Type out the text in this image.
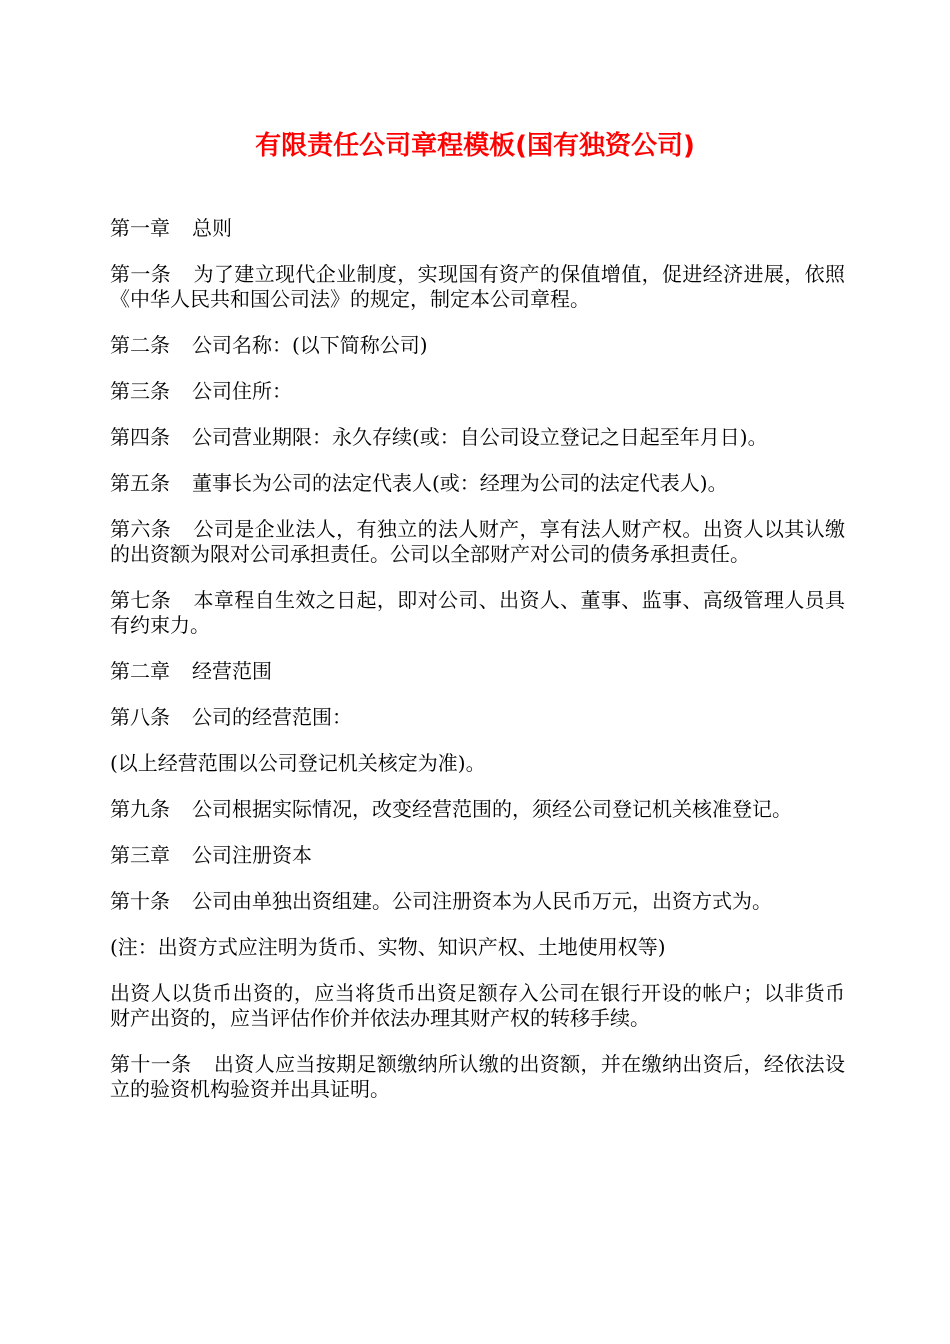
有限责任公司章程模板(国有独资公司)

第一章 总则

第一条 为了建立现代企业制度，实现国有资产的保值增值，促进经济进展，依照《中华人民共和国公司法》的规定，制定本公司章程。

第二条 公司名称：(以下简称公司)

第三条 公司住所：

第四条 公司营业期限：永久存续(或：自公司设立登记之日起至年月日)。

第五条 董事长为公司的法定代表人(或：经理为公司的法定代表人)。

第六条 公司是企业法人，有独立的法人财产，享有法人财产权。出资人以其认缴的出资额为限对公司承担责任。公司以全部财产对公司的债务承担责任。

第七条 本章程自生效之日起，即对公司、出资人、董事、监事、高级管理人员具有约束力。

第二章 经营范围

第八条 公司的经营范围：

(以上经营范围以公司登记机关核定为准)。

第九条 公司根据实际情况，改变经营范围的，须经公司登记机关核准登记。

第三章 公司注册资本

第十条 公司由单独出资组建。公司注册资本为人民币万元，出资方式为。

(注：出资方式应注明为货币、实物、知识产权、土地使用权等)

出资人以货币出资的，应当将货币出资足额存入公司在银行开设的帐户；以非货币财产出资的，应当评估作价并依法办理其财产权的转移手续。

第十一条 出资人应当按期足额缴纳所认缴的出资额，并在缴纳出资后，经依法设立的验资机构验资并出具证明。
